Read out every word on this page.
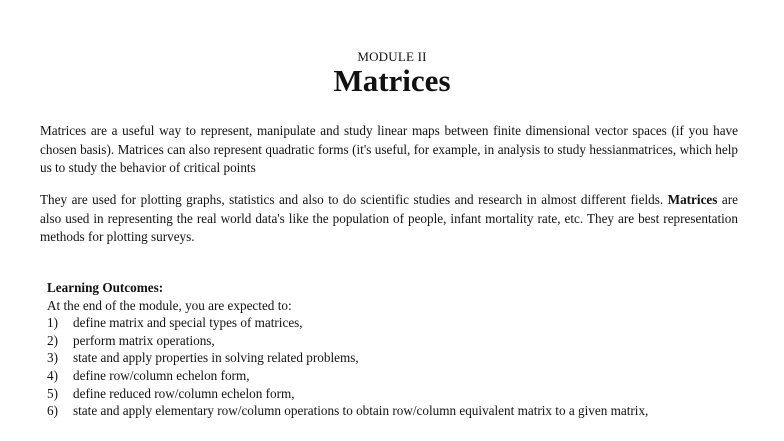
MODULE II
Matrices

Matrices are a useful way to represent, manipulate and study linear maps between finite dimensional vector spaces (if you have chosen basis). Matrices can also represent quadratic forms (it's useful, for example, in analysis to study hessianmatrices, which help us to study the behavior of critical points

They are used for plotting graphs, statistics and also to do scientific studies and research in almost different fields. Matrices are also used in representing the real world data's like the population of people, infant mortality rate, etc. They are best representation methods for plotting surveys.

Learning Outcomes:
At the end of the module, you are expected to:
1) define matrix and special types of matrices,
2) perform matrix operations,
3) state and apply properties in solving related problems,
4) define row/column echelon form,
5) define reduced row/column echelon form,
6) state and apply elementary row/column operations to obtain row/column equivalent matrix to a given matrix,
